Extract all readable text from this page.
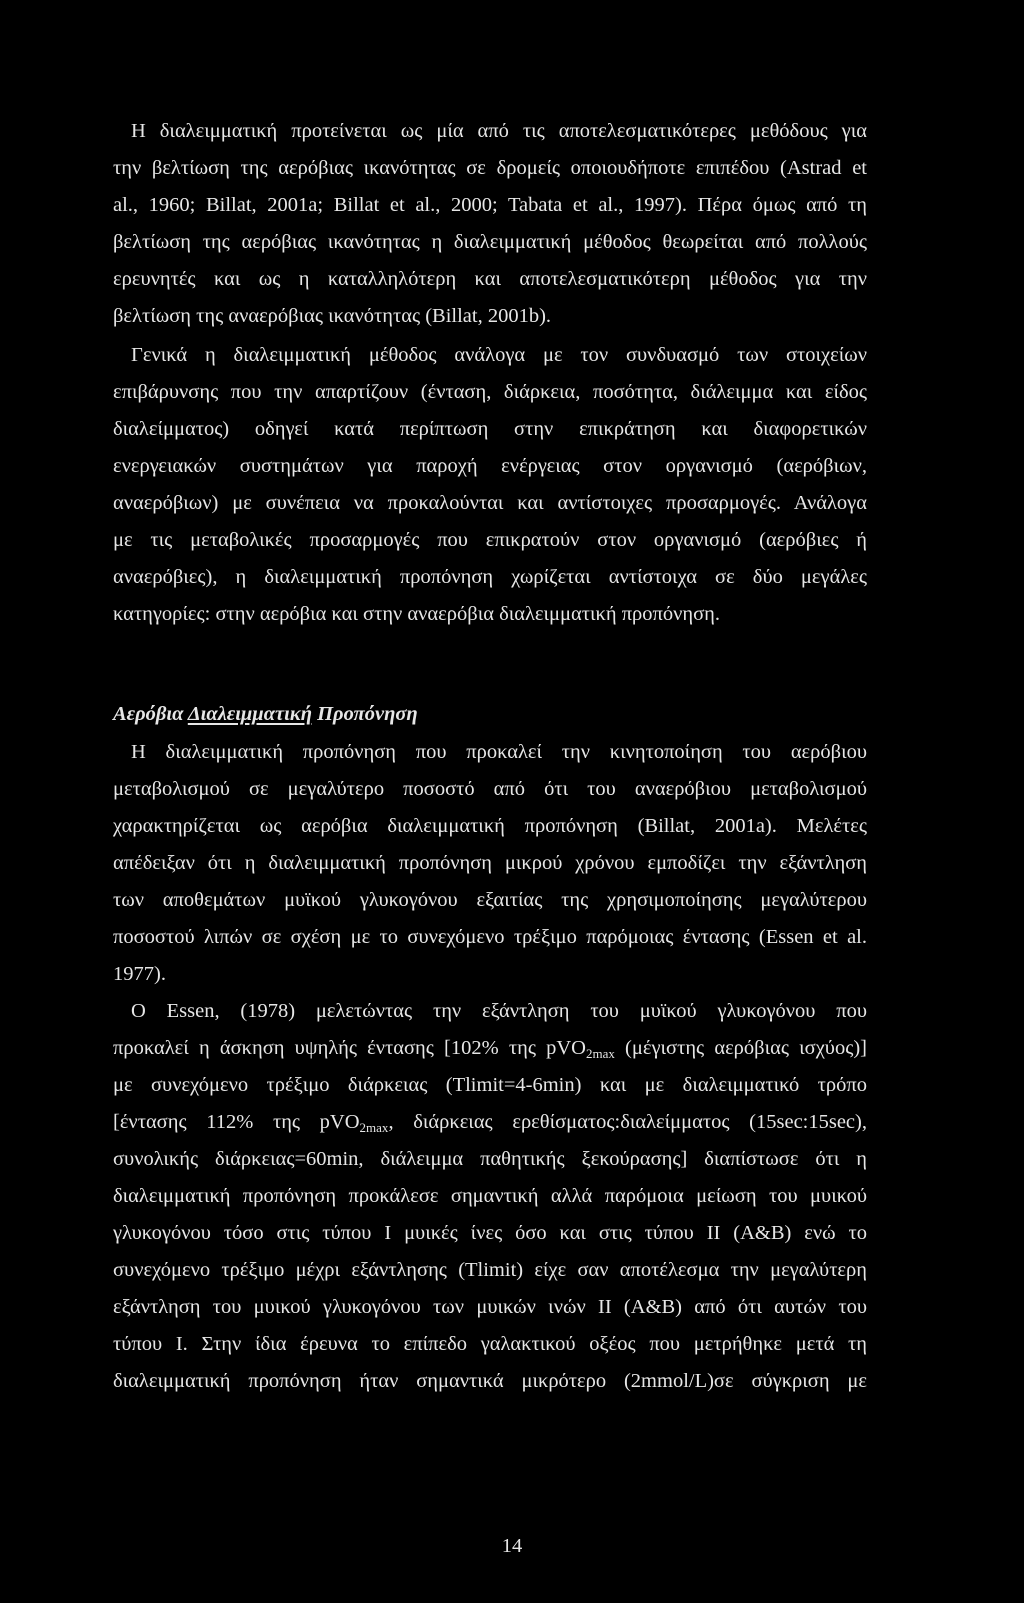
Η διαλειμματική προτείνεται ως μία από τις αποτελεσματικότερες μεθόδους για
την βελτίωση της αερόβιας ικανότητας σε δρομείς οποιουδήποτε επιπέδου (Astrad et
al., 1960; Billat, 2001a; Billat et al., 2000; Tabata et al., 1997). Πέρα όμως από τη
βελτίωση της αερόβιας ικανότητας η διαλειμματική μέθοδος θεωρείται από πολλούς
ερευνητές και ως η καταλληλότερη και αποτελεσματικότερη μέθοδος για την
βελτίωση της αναερόβιας ικανότητας (Billat, 2001b).
Γενικά η διαλειμματική μέθοδος ανάλογα με τον συνδυασμό των στοιχείων
επιβάρυνσης που την απαρτίζουν (ένταση, διάρκεια, ποσότητα, διάλειμμα και είδος
διαλείμματος) οδηγεί κατά περίπτωση στην επικράτηση και διαφορετικών
ενεργειακών συστημάτων για παροχή ενέργειας στον οργανισμό (αερόβιων,
αναερόβιων) με συνέπεια να προκαλούνται και αντίστοιχες προσαρμογές. Ανάλογα
με τις μεταβολικές προσαρμογές που επικρατούν στον οργανισμό (αερόβιες ή
αναερόβιες), η διαλειμματική προπόνηση χωρίζεται αντίστοιχα σε δύο μεγάλες
κατηγορίες: στην αερόβια και στην αναερόβια διαλειμματική προπόνηση.
Αερόβια Διαλειμματική Προπόνηση
Η διαλειμματική προπόνηση που προκαλεί την κινητοποίηση του αερόβιου
μεταβολισμού σε μεγαλύτερο ποσοστό από ότι του αναερόβιου μεταβολισμού
χαρακτηρίζεται ως αερόβια διαλειμματική προπόνηση (Billat, 2001a). Μελέτες
απέδειξαν ότι η διαλειμματική προπόνηση μικρού χρόνου εμποδίζει την εξάντληση
των αποθεμάτων μυϊκού γλυκογόνου εξαιτίας της χρησιμοποίησης μεγαλύτερου
ποσοστού λιπών σε σχέση με το συνεχόμενο τρέξιμο παρόμοιας έντασης (Essen et al.
1977).
Ο Essen, (1978) μελετώντας την εξάντληση του μυϊκού γλυκογόνου που
προκαλεί η άσκηση υψηλής έντασης [102% της pVO$_{2max}$ (μέγιστης αερόβιας ισχύος)]
με συνεχόμενο τρέξιμο διάρκειας (Tlimit=4-6min) και με διαλειμματικό τρόπο
[έντασης 112% της pVO$_{2max}$, διάρκειας ερεθίσματος:διαλείμματος (15sec:15sec),
συνολικής διάρκειας=60min, διάλειμμα παθητικής ξεκούρασης] διαπίστωσε ότι η
διαλειμματική προπόνηση προκάλεσε σημαντική αλλά παρόμοια μείωση του μυικού
γλυκογόνου τόσο στις τύπου Ι μυικές ίνες όσο και στις τύπου ΙΙ (A&B) ενώ το
συνεχόμενο τρέξιμο μέχρι εξάντλησης (Tlimit) είχε σαν αποτέλεσμα την μεγαλύτερη
εξάντληση του μυικού γλυκογόνου των μυικών ινών ΙΙ (A&B) από ότι αυτών του
τύπου Ι. Στην ίδια έρευνα το επίπεδο γαλακτικού οξέος που μετρήθηκε μετά τη
διαλειμματική προπόνηση ήταν σημαντικά μικρότερο (2mmol/L)σε σύγκριση με
14
